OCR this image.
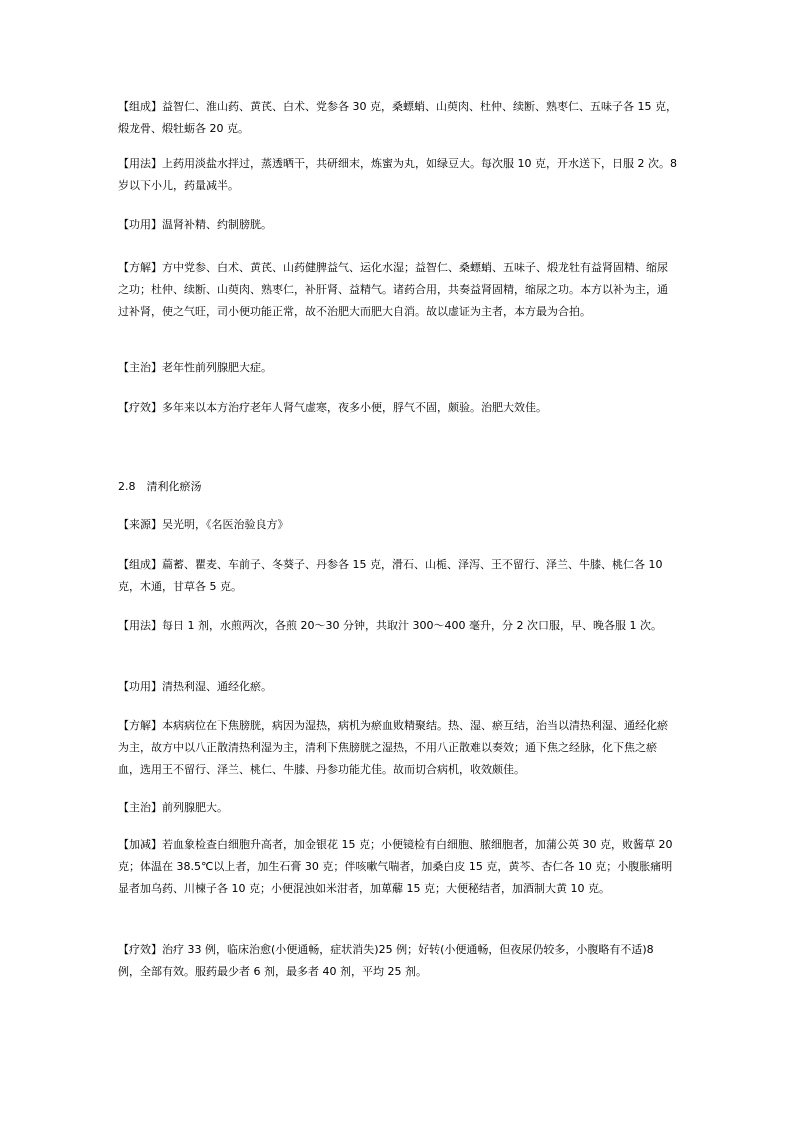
【组成】益智仁、淮山药、黄芪、白术、党参各 30 克，桑螵蛸、山萸肉、杜仲、续断、熟枣仁、五味子各 15 克，煅龙骨、煅牡蛎各 20 克。

【用法】上药用淡盐水拌过，蒸透晒干，共研细末，炼蜜为丸，如绿豆大。每次服 10 克，开水送下，日服 2 次。8 岁以下小儿，药量减半。

【功用】温肾补精、约制膀胱。

【方解】方中党参、白术、黄芪、山药健脾益气、运化水湿；益智仁、桑螵蛸、五味子、煅龙牡有益肾固精、缩尿之功；杜仲、续断、山萸肉、熟枣仁，补肝肾、益精气。诸药合用，共奏益肾固精，缩尿之功。本方以补为主，通过补肾，使之气旺，司小便功能正常，故不治肥大而肥大自消。故以虚证为主者，本方最为合拍。

【主治】老年性前列腺肥大症。

【疗效】多年来以本方治疗老年人肾气虚寒，夜多小便，脬气不固，颇验。治肥大效佳。

2.8　清利化瘀汤

【来源】吴光明，《名医治验良方》

【组成】萹蓄、瞿麦、车前子、冬葵子、丹参各 15 克，滑石、山栀、泽泻、王不留行、泽兰、牛膝、桃仁各 10 克，木通，甘草各 5 克。

【用法】每日 1 剂，水煎两次，各煎 20～30 分钟，共取汁 300～400 毫升，分 2 次口服，早、晚各服 1 次。

【功用】清热利湿、通经化瘀。

【方解】本病病位在下焦膀胱，病因为湿热，病机为瘀血败精聚结。热、湿、瘀互结，治当以清热利湿、通经化瘀为主，故方中以八正散清热利湿为主，清利下焦膀胱之湿热，不用八正散难以奏效；通下焦之经脉，化下焦之瘀血，选用王不留行、泽兰、桃仁、牛膝、丹参功能尤佳。故而切合病机，收效颇佳。

【主治】前列腺肥大。

【加减】若血象检查白细胞升高者，加金银花 15 克；小便镜检有白细胞、脓细胞者，加蒲公英 30 克，败酱草 20 克；体温在 38.5℃以上者，加生石膏 30 克；伴咳嗽气喘者，加桑白皮 15 克，黄芩、杏仁各 10 克；小腹胀痛明显者加乌药、川楝子各 10 克；小便混浊如米泔者，加萆薢 15 克；大便秘结者，加酒制大黄 10 克。

【疗效】治疗 33 例，临床治愈(小便通畅，症状消失)25 例；好转(小便通畅，但夜尿仍较多，小腹略有不适)8 例，全部有效。服药最少者 6 剂，最多者 40 剂，平均 25 剂。
